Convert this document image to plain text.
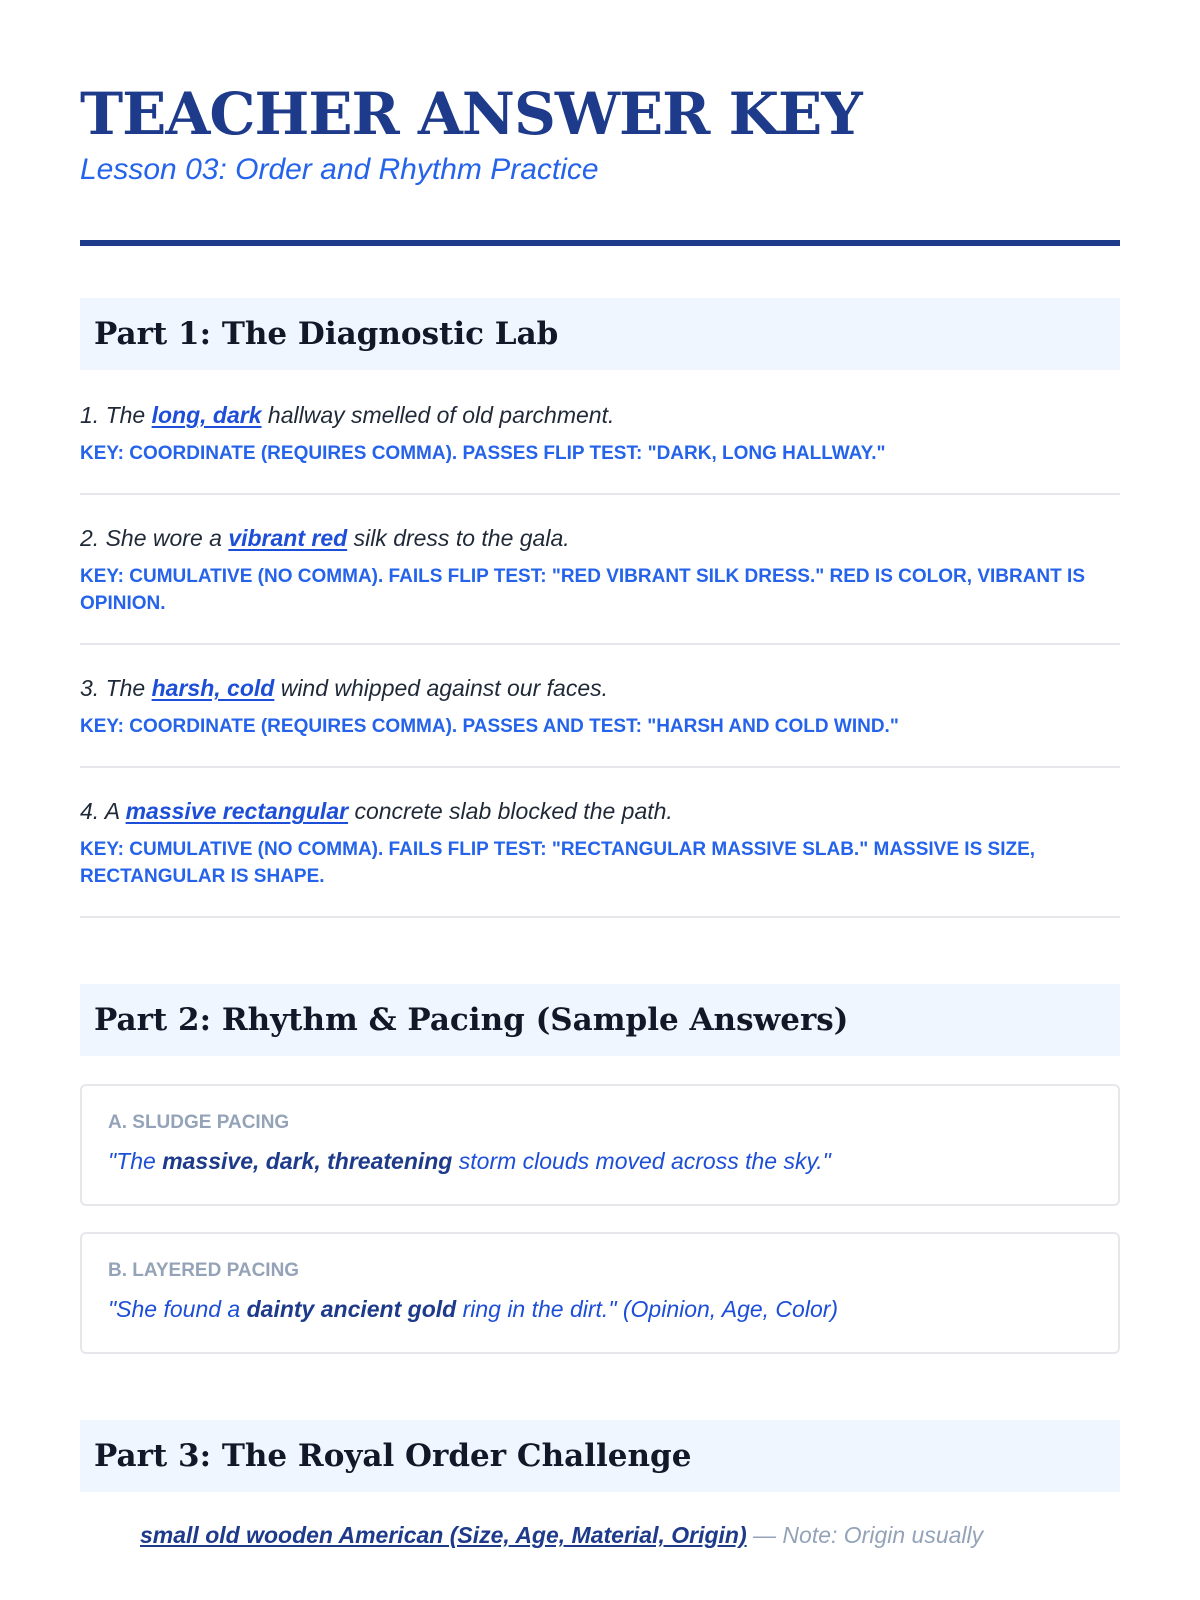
TEACHER ANSWER KEY
Lesson 03: Order and Rhythm Practice
Part 1: The Diagnostic Lab
1. The long, dark hallway smelled of old parchment.
KEY: COORDINATE (REQUIRES COMMA). PASSES FLIP TEST: "DARK, LONG HALLWAY."
2. She wore a vibrant red silk dress to the gala.
KEY: CUMULATIVE (NO COMMA). FAILS FLIP TEST: "RED VIBRANT SILK DRESS." RED IS COLOR, VIBRANT IS OPINION.
3. The harsh, cold wind whipped against our faces.
KEY: COORDINATE (REQUIRES COMMA). PASSES AND TEST: "HARSH AND COLD WIND."
4. A massive rectangular concrete slab blocked the path.
KEY: CUMULATIVE (NO COMMA). FAILS FLIP TEST: "RECTANGULAR MASSIVE SLAB." MASSIVE IS SIZE, RECTANGULAR IS SHAPE.
Part 2: Rhythm & Pacing (Sample Answers)
A. SLUDGE PACING
"The massive, dark, threatening storm clouds moved across the sky."
B. LAYERED PACING
"She found a dainty ancient gold ring in the dirt." (Opinion, Age, Color)
Part 3: The Royal Order Challenge
small old wooden American (Size, Age, Material, Origin) — Note: Origin usually
